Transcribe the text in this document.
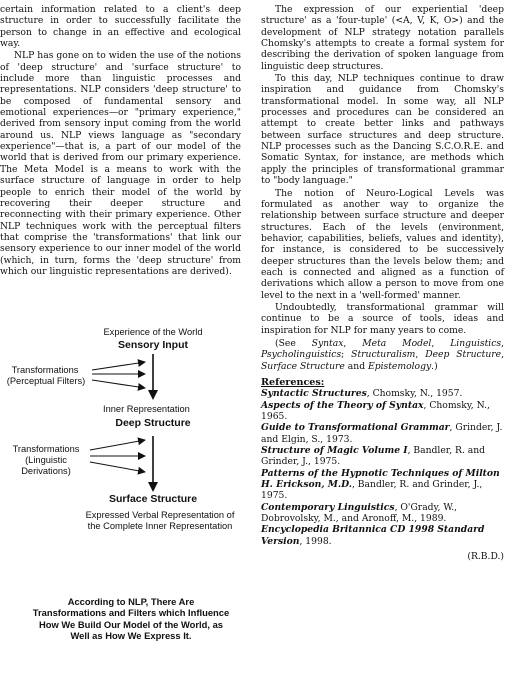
certain information related to a client's deep structure in order to successfully facilitate the person to change in an effective and ecological way.

NLP has gone on to widen the use of the notions of 'deep structure' and 'surface structure' to include more than linguistic processes and representations. NLP considers 'deep structure' to be composed of fundamental sensory and emotional experiences—or "primary experience," derived from sensory input coming from the world around us. NLP views language as "secondary experience"—that is, a part of our model of the world that is derived from our primary experience. The Meta Model is a means to work with the surface structure of language in order to help people to enrich their model of the world by recovering their deeper structure and reconnecting with their primary experience. Other NLP techniques work with the perceptual filters that comprise the 'transformations' that link our sensory experience to our inner model of the world (which, in turn, forms the 'deep structure' from which our linguistic representations are derived).

Experience of the World
Sensory Input
Transformations
(Perceptual Filters)
Inner Representation
Deep Structure
Transformations
(Linguistic
Derivations)
Surface Structure
Expressed Verbal Representation of
the Complete Inner Representation
According to NLP, There Are
Transformations and Filters which Influence
How We Build Our Model of the World, as
Well as How We Express It.

The expression of our experiential 'deep structure' as a 'four-tuple' (<A, V, K, O>) and the development of NLP strategy notation parallels Chomsky's attempts to create a formal system for describing the derivation of spoken language from linguistic deep structures.

To this day, NLP techniques continue to draw inspiration and guidance from Chomsky's transformational model. In some way, all NLP processes and procedures can be considered an attempt to create better links and pathways between surface structures and deep structure. NLP processes such as the Dancing S.C.O.R.E. and Somatic Syntax, for instance, are methods which apply the principles of transformational grammar to "body language."

The notion of Neuro-Logical Levels was formulated as another way to organize the relationship between surface structure and deeper structures. Each of the levels (environment, behavior, capabilities, beliefs, values and identity), for instance, is considered to be successively deeper structures than the levels below them; and each is connected and aligned as a function of derivations which allow a person to move from one level to the next in a 'well-formed' manner.

Undoubtedly, transformational grammar will continue to be a source of tools, ideas and inspiration for NLP for many years to come.

(See Syntax, Meta Model, Linguistics, Psycholinguistics; Structuralism, Deep Structure, Surface Structure and Epistemology.)

References:
Syntactic Structures, Chomsky, N., 1957.
Aspects of the Theory of Syntax, Chomsky, N., 1965.
Guide to Transformational Grammar, Grinder, J. and Elgin, S., 1973.
Structure of Magic Volume I, Bandler, R. and Grinder, J., 1975.
Patterns of the Hypnotic Techniques of Milton H. Erickson, M.D., Bandler, R. and Grinder, J., 1975.
Contemporary Linguistics, O'Grady, W., Dobrovolsky, M., and Aronoff, M., 1989.
Encyclopedia Britannica CD 1998 Standard Version, 1998.
(R.B.D.)
